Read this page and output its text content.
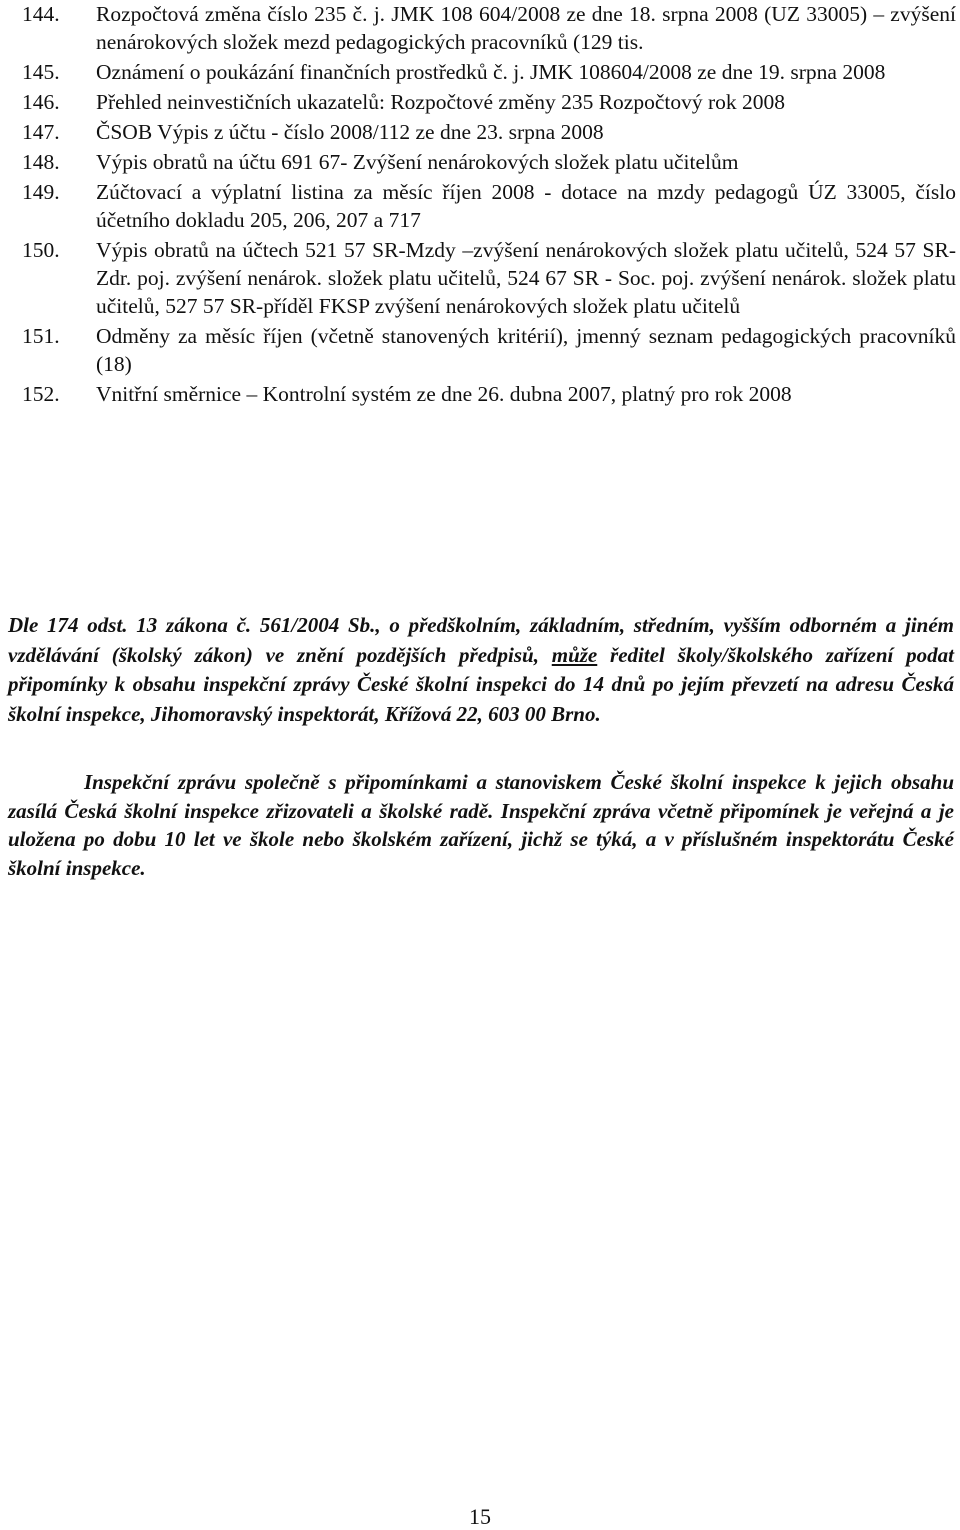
144.	Rozpočtová změna číslo 235 č. j. JMK 108 604/2008 ze dne 18. srpna 2008 (UZ 33005) – zvýšení nenárokových složek mezd pedagogických pracovníků (129 tis.
145.	Oznámení o poukázání finančních prostředků č. j. JMK 108604/2008 ze dne 19. srpna 2008
146.	Přehled neinvestičních ukazatelů: Rozpočtové změny 235 Rozpočtový rok 2008
147.	ČSOB Výpis z účtu - číslo 2008/112 ze dne 23. srpna 2008
148.	Výpis obratů na účtu 691 67- Zvýšení nenárokových složek platu učitelům
149.	Zúčtovací a výplatní listina za měsíc říjen 2008 - dotace na mzdy pedagogů ÚZ 33005, číslo účetního dokladu 205, 206, 207 a 717
150.	Výpis obratů na účtech 521 57 SR-Mzdy –zvýšení nenárokových složek platu učitelů, 524 57 SR-Zdr. poj. zvýšení nenárok. složek platu učitelů, 524 67 SR - Soc. poj. zvýšení nenárok. složek platu učitelů, 527 57 SR-příděl FKSP zvýšení nenárokových složek platu učitelů
151.	Odměny za měsíc říjen (včetně stanovených kritérií), jmenný seznam pedagogických pracovníků (18)
152.	Vnitřní směrnice – Kontrolní systém ze dne 26. dubna 2007, platný pro rok 2008

Dle 174 odst. 13 zákona č. 561/2004 Sb., o předškolním, základním, středním, vyšším odborném a jiném vzdělávání (školský zákon) ve znění pozdějších předpisů, může ředitel školy/školského zařízení podat připomínky k obsahu inspekční zprávy České školní inspekci do 14 dnů po jejím převzetí na adresu Česká školní inspekce, Jihomoravský inspektorát, Křížová 22, 603 00 Brno.

Inspekční zprávu společně s připomínkami a stanoviskem České školní inspekce k jejich obsahu zasílá Česká školní inspekce zřizovateli a školské radě. Inspekční zpráva včetně připomínek je veřejná a je uložena po dobu 10 let ve škole nebo školském zařízení, jichž se týká, a v příslušném inspektorátu České školní inspekce.

15
